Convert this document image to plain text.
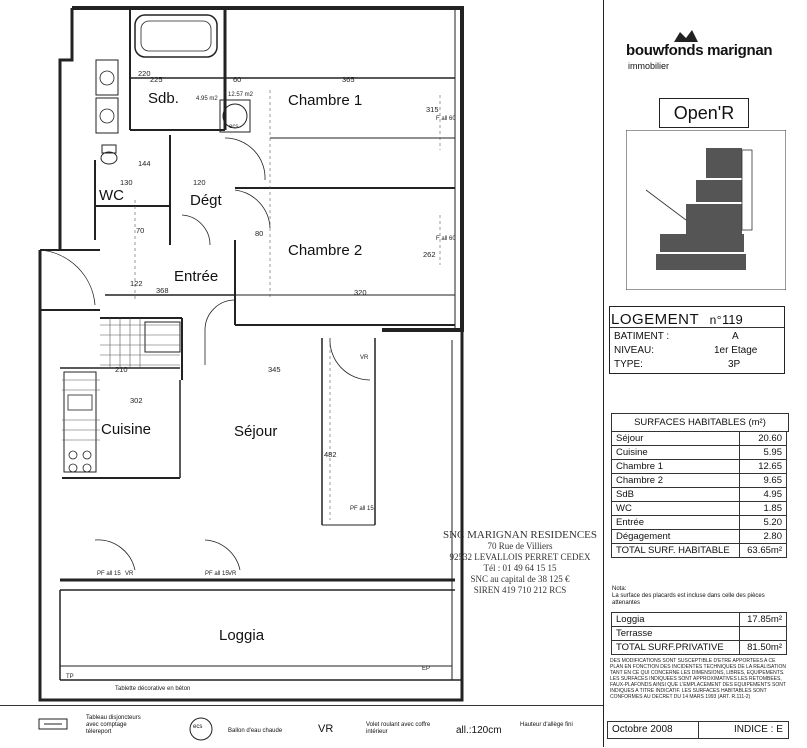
Sdb.	Chambre 1
Chambre 2
WC	Dégt
Entrée
Cuisine	Séjour
Loggia
220
225	60	365
315
144
130	120
70
122
368	320
262
80
210	345
302
482
4.95 m2
12.57 m2
F all 60
F all 60
ecs
VR
VR	VR
PF all 15	PF all 15
PF all 15
Tablette décorative en béton
TP
EP
SNC MARIGNAN RESIDENCES
70 Rue de Villiers
92532 LEVALLOIS PERRET CEDEX
Tél : 01 49 64 15 15
SNC au capital de 38 125 €
SIREN 419 710 212 RCS
Tableau disjoncteurs avec comptage télereport
ecs
Ballon d'eau chaude	VR	Volet roulant avec coffre intérieur	all.:120cm	Hauteur d'allège fini
bouwfonds marignan
immobilier
Open'R
BATIMENT :	A
NIVEAU:	1er Etage
TYPE:	3P
LOGEMENT n° 119
SURFACES HABITABLES (m²)
Séjour	20.60
Cuisine	5.95
Chambre 1	12.65
Chambre 2	9.65
SdB	4.95
WC	1.85
Entrée	5.20
Dégagement	2.80
TOTAL SURF. HABITABLE	63.65m²
Nota:
La surface des placards est incluse dans celle des pièces attenantes
Loggia	17.85m²
Terrasse	
TOTAL SURF.PRIVATIVE	81.50m²
DES MODIFICATIONS SONT SUSCEPTIBLE D'ETRE APPORTEES A CE PLAN EN FONCTION DES INCIDENTES TECHNIQUES DE LA REALISATION TANT EN CE QUI CONCERNE LES DIMENSIONS, LIBRES, EQUIPEMENTS. LES SURFACES INDIQUEES SONT APPROXIMATIVES LES RETOMBEES, FAUX-PLAFONDS AINSI QUE L'EMPLACEMENT DES EQUIPEMENTS SONT INDIQUES A TITRE INDICATIF. LES SURFACES HABITABLES SONT CONFORMES AU DECRET DU 14 MARS 1993 (ART. R.111-2)
Octobre 2008	INDICE : E
